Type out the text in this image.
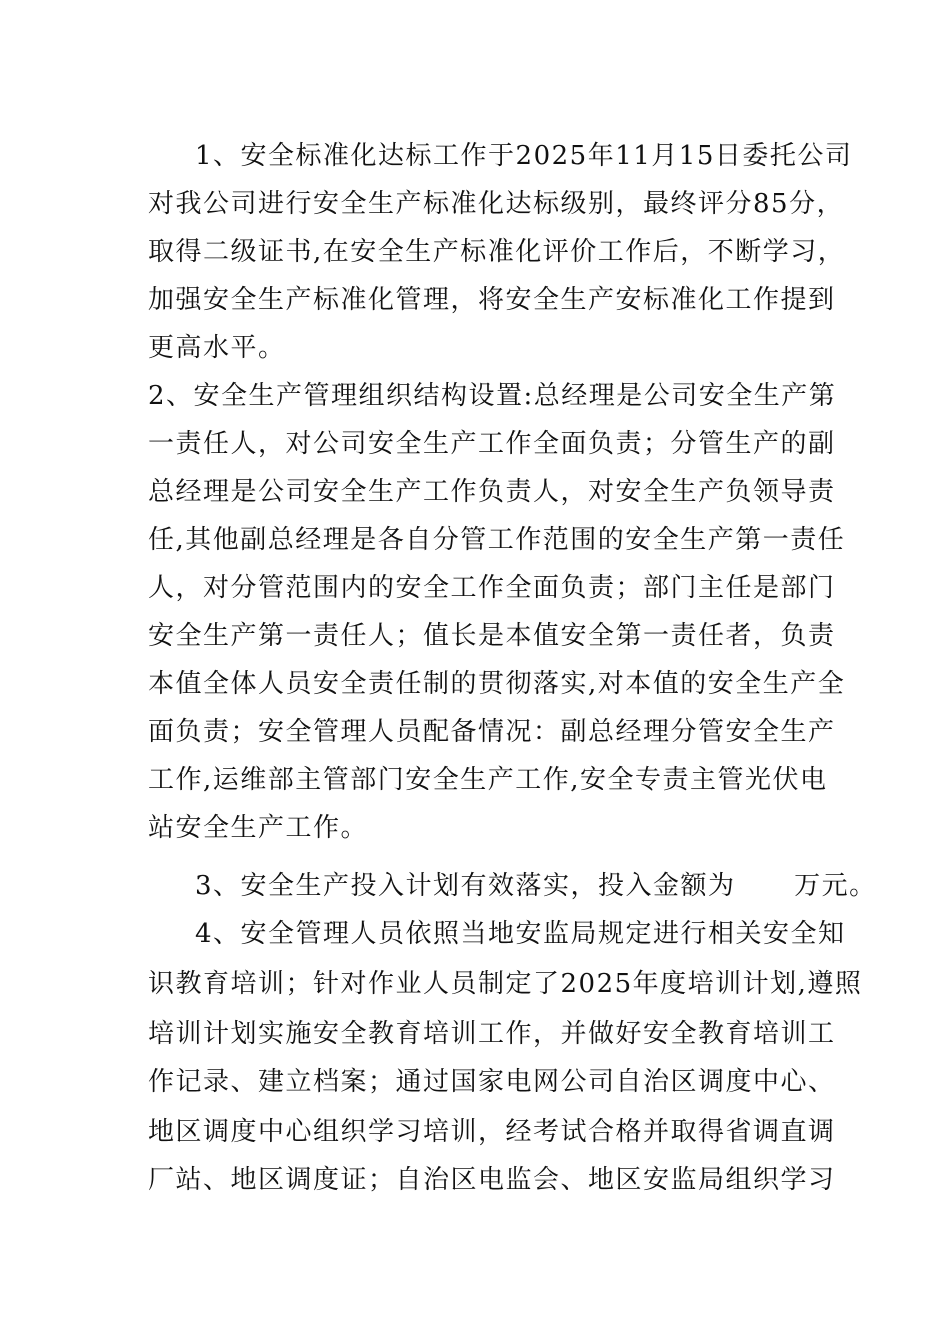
1、安全标准化达标工作于2025年11月15日委托公司
对我公司进行安全生产标准化达标级别，最终评分85分，
取得二级证书,在安全生产标准化评价工作后，不断学习，
加强安全生产标准化管理，将安全生产安标准化工作提到
更高水平。
2、安全生产管理组织结构设置:总经理是公司安全生产第
一责任人，对公司安全生产工作全面负责；分管生产的副
总经理是公司安全生产工作负责人，对安全生产负领导责
任,其他副总经理是各自分管工作范围的安全生产第一责任
人，对分管范围内的安全工作全面负责；部门主任是部门
安全生产第一责任人；值长是本值安全第一责任者，负责
本值全体人员安全责任制的贯彻落实,对本值的安全生产全
面负责；安全管理人员配备情况：副总经理分管安全生产
工作,运维部主管部门安全生产工作,安全专责主管光伏电
站安全生产工作。
3、安全生产投入计划有效落实，投入金额为      万元。
4、安全管理人员依照当地安监局规定进行相关安全知
识教育培训；针对作业人员制定了2025年度培训计划,遵照
培训计划实施安全教育培训工作，并做好安全教育培训工
作记录、建立档案；通过国家电网公司自治区调度中心、
地区调度中心组织学习培训，经考试合格并取得省调直调
厂站、地区调度证；自治区电监会、地区安监局组织学习
